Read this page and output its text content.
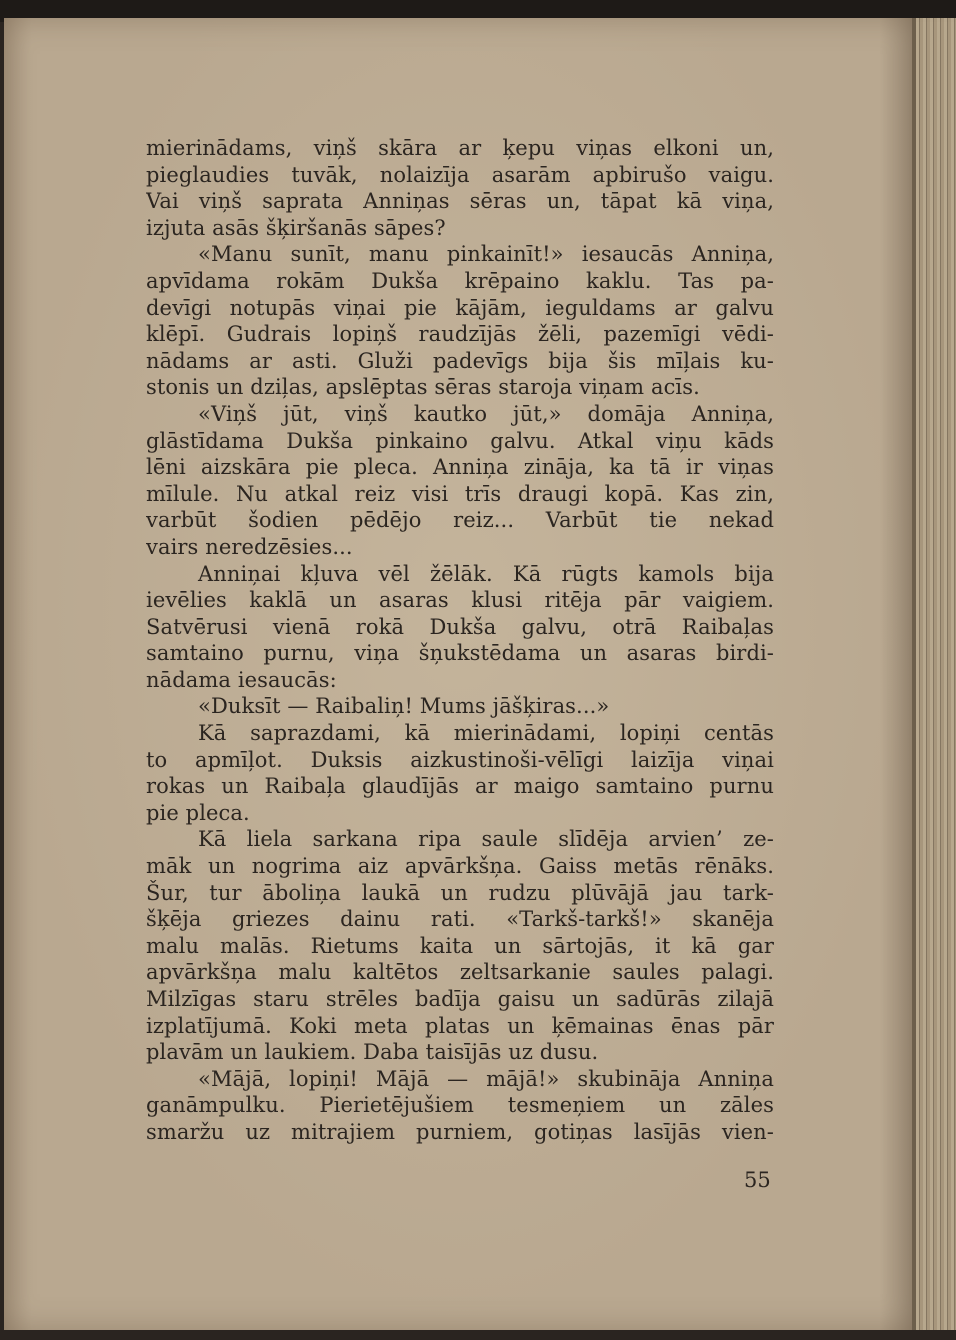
mierinādams, viņš skāra ar ķepu viņas elkoni un,
pieglaudies tuvāk, nolaizīja asarām apbirušo vaigu.
Vai viņš saprata Anniņas sēras un, tāpat kā viņa,
izjuta asās šķiršanās sāpes?
«Manu sunīt, manu pinkainīt!» iesaucās Anniņa,
apvīdama rokām Dukša krēpaino kaklu. Tas pa-
devīgi notupās viņai pie kājām, ieguldams ar galvu
klēpī. Gudrais lopiņš raudzījās žēli, pazemīgi vēdi-
nādams ar asti. Gluži padevīgs bija šis mīļais ku-
stonis un dziļas, apslēptas sēras staroja viņam acīs.
«Viņš jūt, viņš kautko jūt,» domāja Anniņa,
glāstīdama Dukša pinkaino galvu. Atkal viņu kāds
lēni aizskāra pie pleca. Anniņa zināja, ka tā ir viņas
mīlule. Nu atkal reiz visi trīs draugi kopā. Kas zin,
varbūt šodien pēdējo reiz... Varbūt tie nekad
vairs neredzēsies...
Anniņai kļuva vēl žēlāk. Kā rūgts kamols bija
ievēlies kaklā un asaras klusi ritēja pār vaigiem.
Satvērusi vienā rokā Dukša galvu, otrā Raibaļas
samtaino purnu, viņa šņukstēdama un asaras birdi-
nādama iesaucās:
«Duksīt — Raibaliņ! Mums jāšķiras...»
Kā saprazdami, kā mierinādami, lopiņi centās
to apmīļot. Duksis aizkustinoši-vēlīgi laizīja viņai
rokas un Raibaļa glaudījās ar maigo samtaino purnu
pie pleca.
Kā liela sarkana ripa saule slīdēja arvien’ ze-
māk un nogrima aiz apvārkšņa. Gaiss metās rēnāks.
Šur, tur āboliņa laukā un rudzu plūvājā jau tark-
šķēja griezes dainu rati. «Tarkš-tarkš!» skanēja
malu malās. Rietums kaita un sārtojās, it kā gar
apvārkšņa malu kaltētos zeltsarkanie saules palagi.
Milzīgas staru strēles badīja gaisu un sadūrās zilajā
izplatījumā. Koki meta platas un ķēmainas ēnas pār
plavām un laukiem. Daba taisījās uz dusu.
«Mājā, lopiņi! Mājā — mājā!» skubināja Anniņa
ganāmpulku. Pierietējušiem tesmeņiem un zāles
smaržu uz mitrajiem purniem, gotiņas lasījās vien-
55
